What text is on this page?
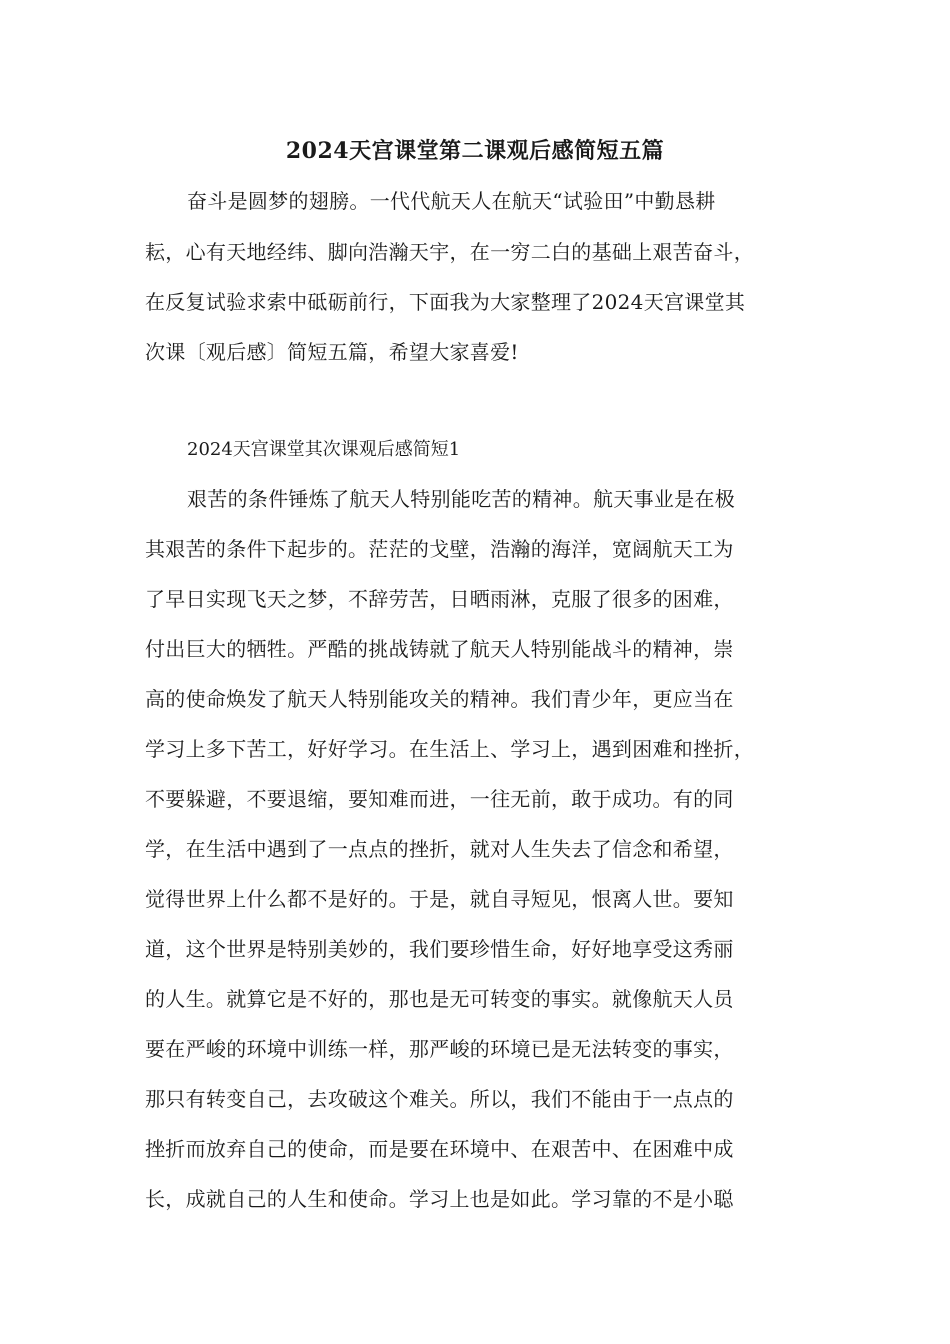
2024天宫课堂第二课观后感简短五篇
奋斗是圆梦的翅膀。一代代航天人在航天“试验田”中勤恳耕
耘，心有天地经纬、脚向浩瀚天宇，在一穷二白的基础上艰苦奋斗，
在反复试验求索中砥砺前行，下面我为大家整理了2024天宫课堂其
次课〔观后感〕简短五篇，希望大家喜爱!
2024天宫课堂其次课观后感简短1
艰苦的条件锤炼了航天人特别能吃苦的精神。航天事业是在极
其艰苦的条件下起步的。茫茫的戈壁，浩瀚的海洋，宽阔航天工为
了早日实现飞天之梦，不辞劳苦，日晒雨淋，克服了很多的困难，
付出巨大的牺牲。严酷的挑战铸就了航天人特别能战斗的精神，崇
高的使命焕发了航天人特别能攻关的精神。我们青少年，更应当在
学习上多下苦工，好好学习。在生活上、学习上，遇到困难和挫折，
不要躲避，不要退缩，要知难而进，一往无前，敢于成功。有的同
学，在生活中遇到了一点点的挫折，就对人生失去了信念和希望，
觉得世界上什么都不是好的。于是，就自寻短见，恨离人世。要知
道，这个世界是特别美妙的，我们要珍惜生命，好好地享受这秀丽
的人生。就算它是不好的，那也是无可转变的事实。就像航天人员
要在严峻的环境中训练一样，那严峻的环境已是无法转变的事实，
那只有转变自己，去攻破这个难关。所以，我们不能由于一点点的
挫折而放弃自己的使命，而是要在环境中、在艰苦中、在困难中成
长，成就自己的人生和使命。学习上也是如此。学习靠的不是小聪
